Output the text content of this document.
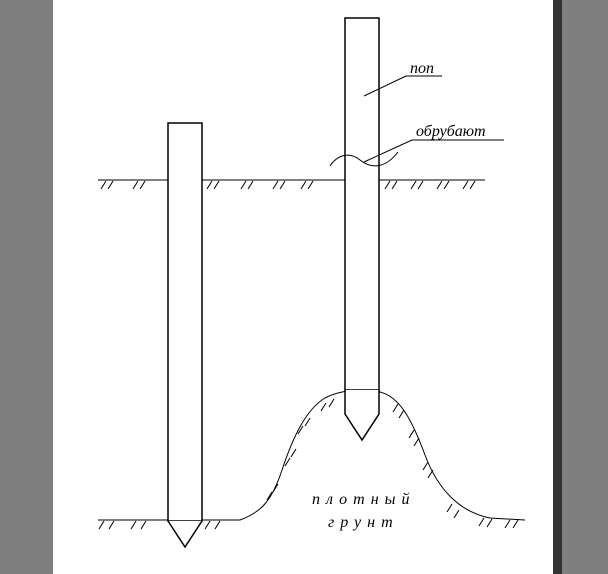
поп
обрубают
плотный
грунт
